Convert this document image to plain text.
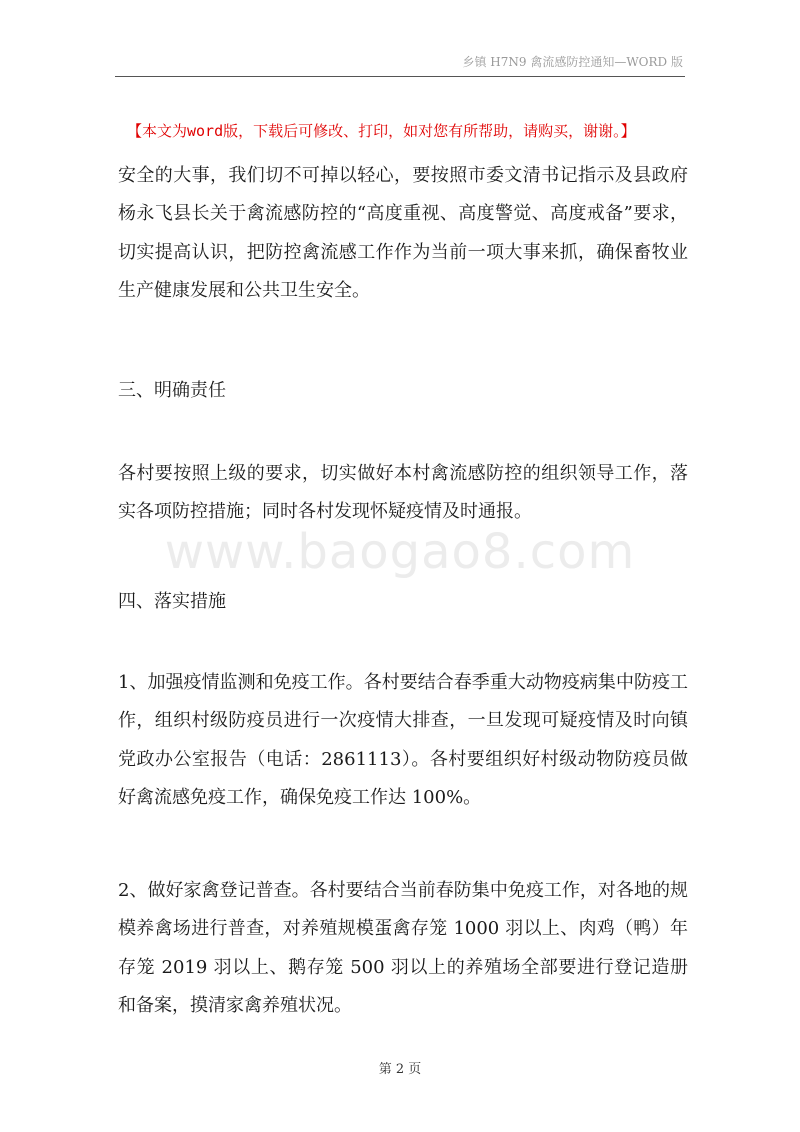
乡镇 H7N9 禽流感防控通知—WORD 版
【本文为word版，下载后可修改、打印，如对您有所帮助，请购买，谢谢。】
www.baogao8.com

安全的大事，我们切不可掉以轻心，要按照市委文清书记指示及县政府杨永飞县长关于禽流感防控的“高度重视、高度警觉、高度戒备”要求，切实提高认识，把防控禽流感工作作为当前一项大事来抓，确保畜牧业生产健康发展和公共卫生安全。

三、明确责任

各村要按照上级的要求，切实做好本村禽流感防控的组织领导工作，落实各项防控措施；同时各村发现怀疑疫情及时通报。

四、落实措施

1、加强疫情监测和免疫工作。各村要结合春季重大动物疫病集中防疫工作，组织村级防疫员进行一次疫情大排查，一旦发现可疑疫情及时向镇党政办公室报告（电话：2861113）。各村要组织好村级动物防疫员做好禽流感免疫工作，确保免疫工作达 100%。

2、做好家禽登记普查。各村要结合当前春防集中免疫工作，对各地的规模养禽场进行普查，对养殖规模蛋禽存笼 1000 羽以上、肉鸡（鸭）年存笼 2019 羽以上、鹅存笼 500 羽以上的养殖场全部要进行登记造册和备案，摸清家禽养殖状况。

第 2 页
